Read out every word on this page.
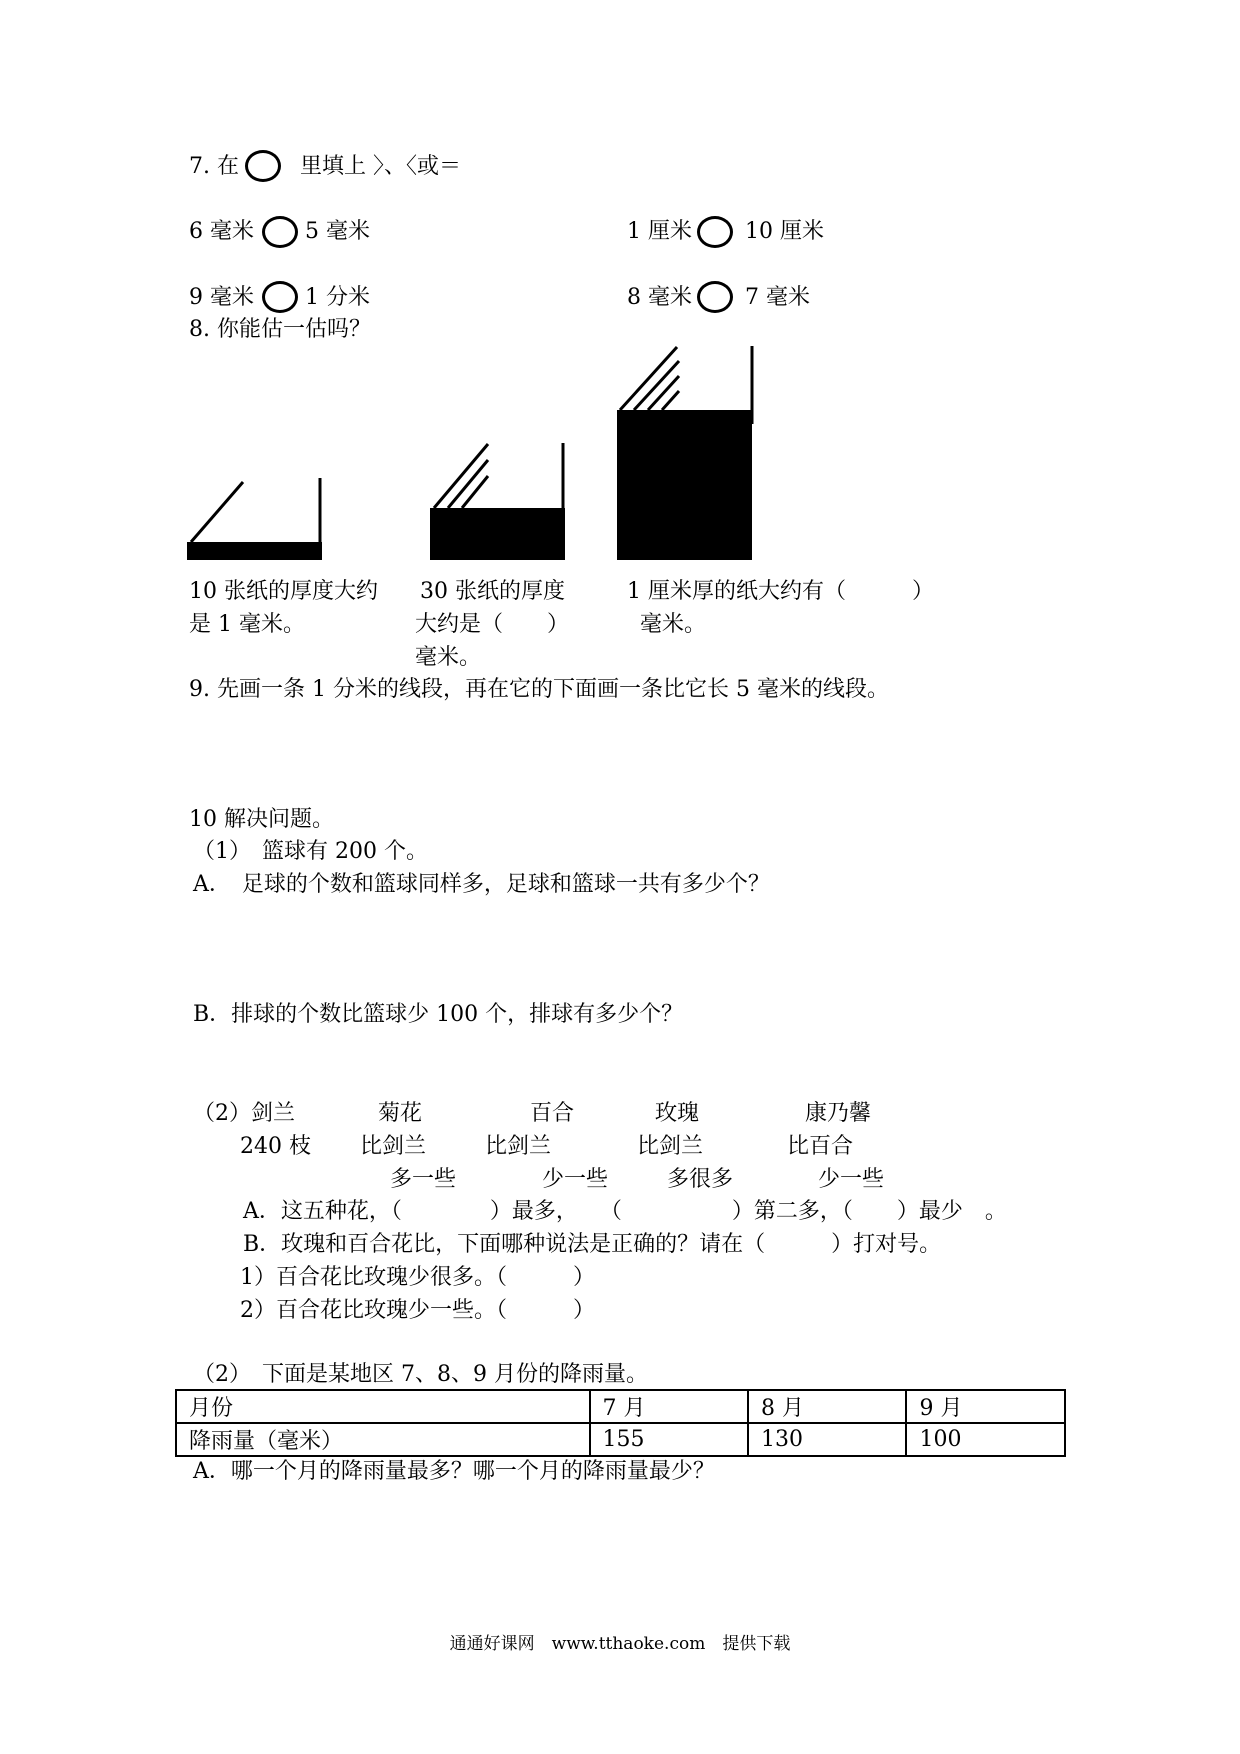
7. 在	里填上 〉、〈或＝
6 毫米 5 毫米	1 厘米 10 厘米
9 毫米 1 分米	8 毫米 7 毫米
8. 你能估一估吗？
10 张纸的厚度大约
是 1 毫米。
30 张纸的厚度
大约是（　　）
毫米。
1 厘米厚的纸大约有（　　　）
毫米。
9. 先画一条 1 分米的线段，再在它的下面画一条比它长 5 毫米的线段。
10 解决问题。
（1）　篮球有 200 个。
A．　足球的个数和篮球同样多，足球和篮球一共有多少个？
B．排球的个数比篮球少 100 个，排球有多少个？
（2）剑兰	菊花	百合	玫瑰	康乃馨
240 枝 比剑兰	比剑兰	比剑兰	比百合
多一些	少一些	多很多	少一些
A．这五种花，（　　　　）最多，　　（　　　　　）第二多，（　　）最少　。
B．玫瑰和百合花比，下面哪种说法是正确的？请在（　　　）打对号。
1）百合花比玫瑰少很多。（　　　）
2）百合花比玫瑰少一些。（　　　）
（2）　下面是某地区 7、8、9 月份的降雨量。
月份	7 月	8 月	9 月
降雨量（毫米）	155	130	100
A．哪一个月的降雨量最多？哪一个月的降雨量最少？
通通好课网　www.tthaoke.com　提供下载
